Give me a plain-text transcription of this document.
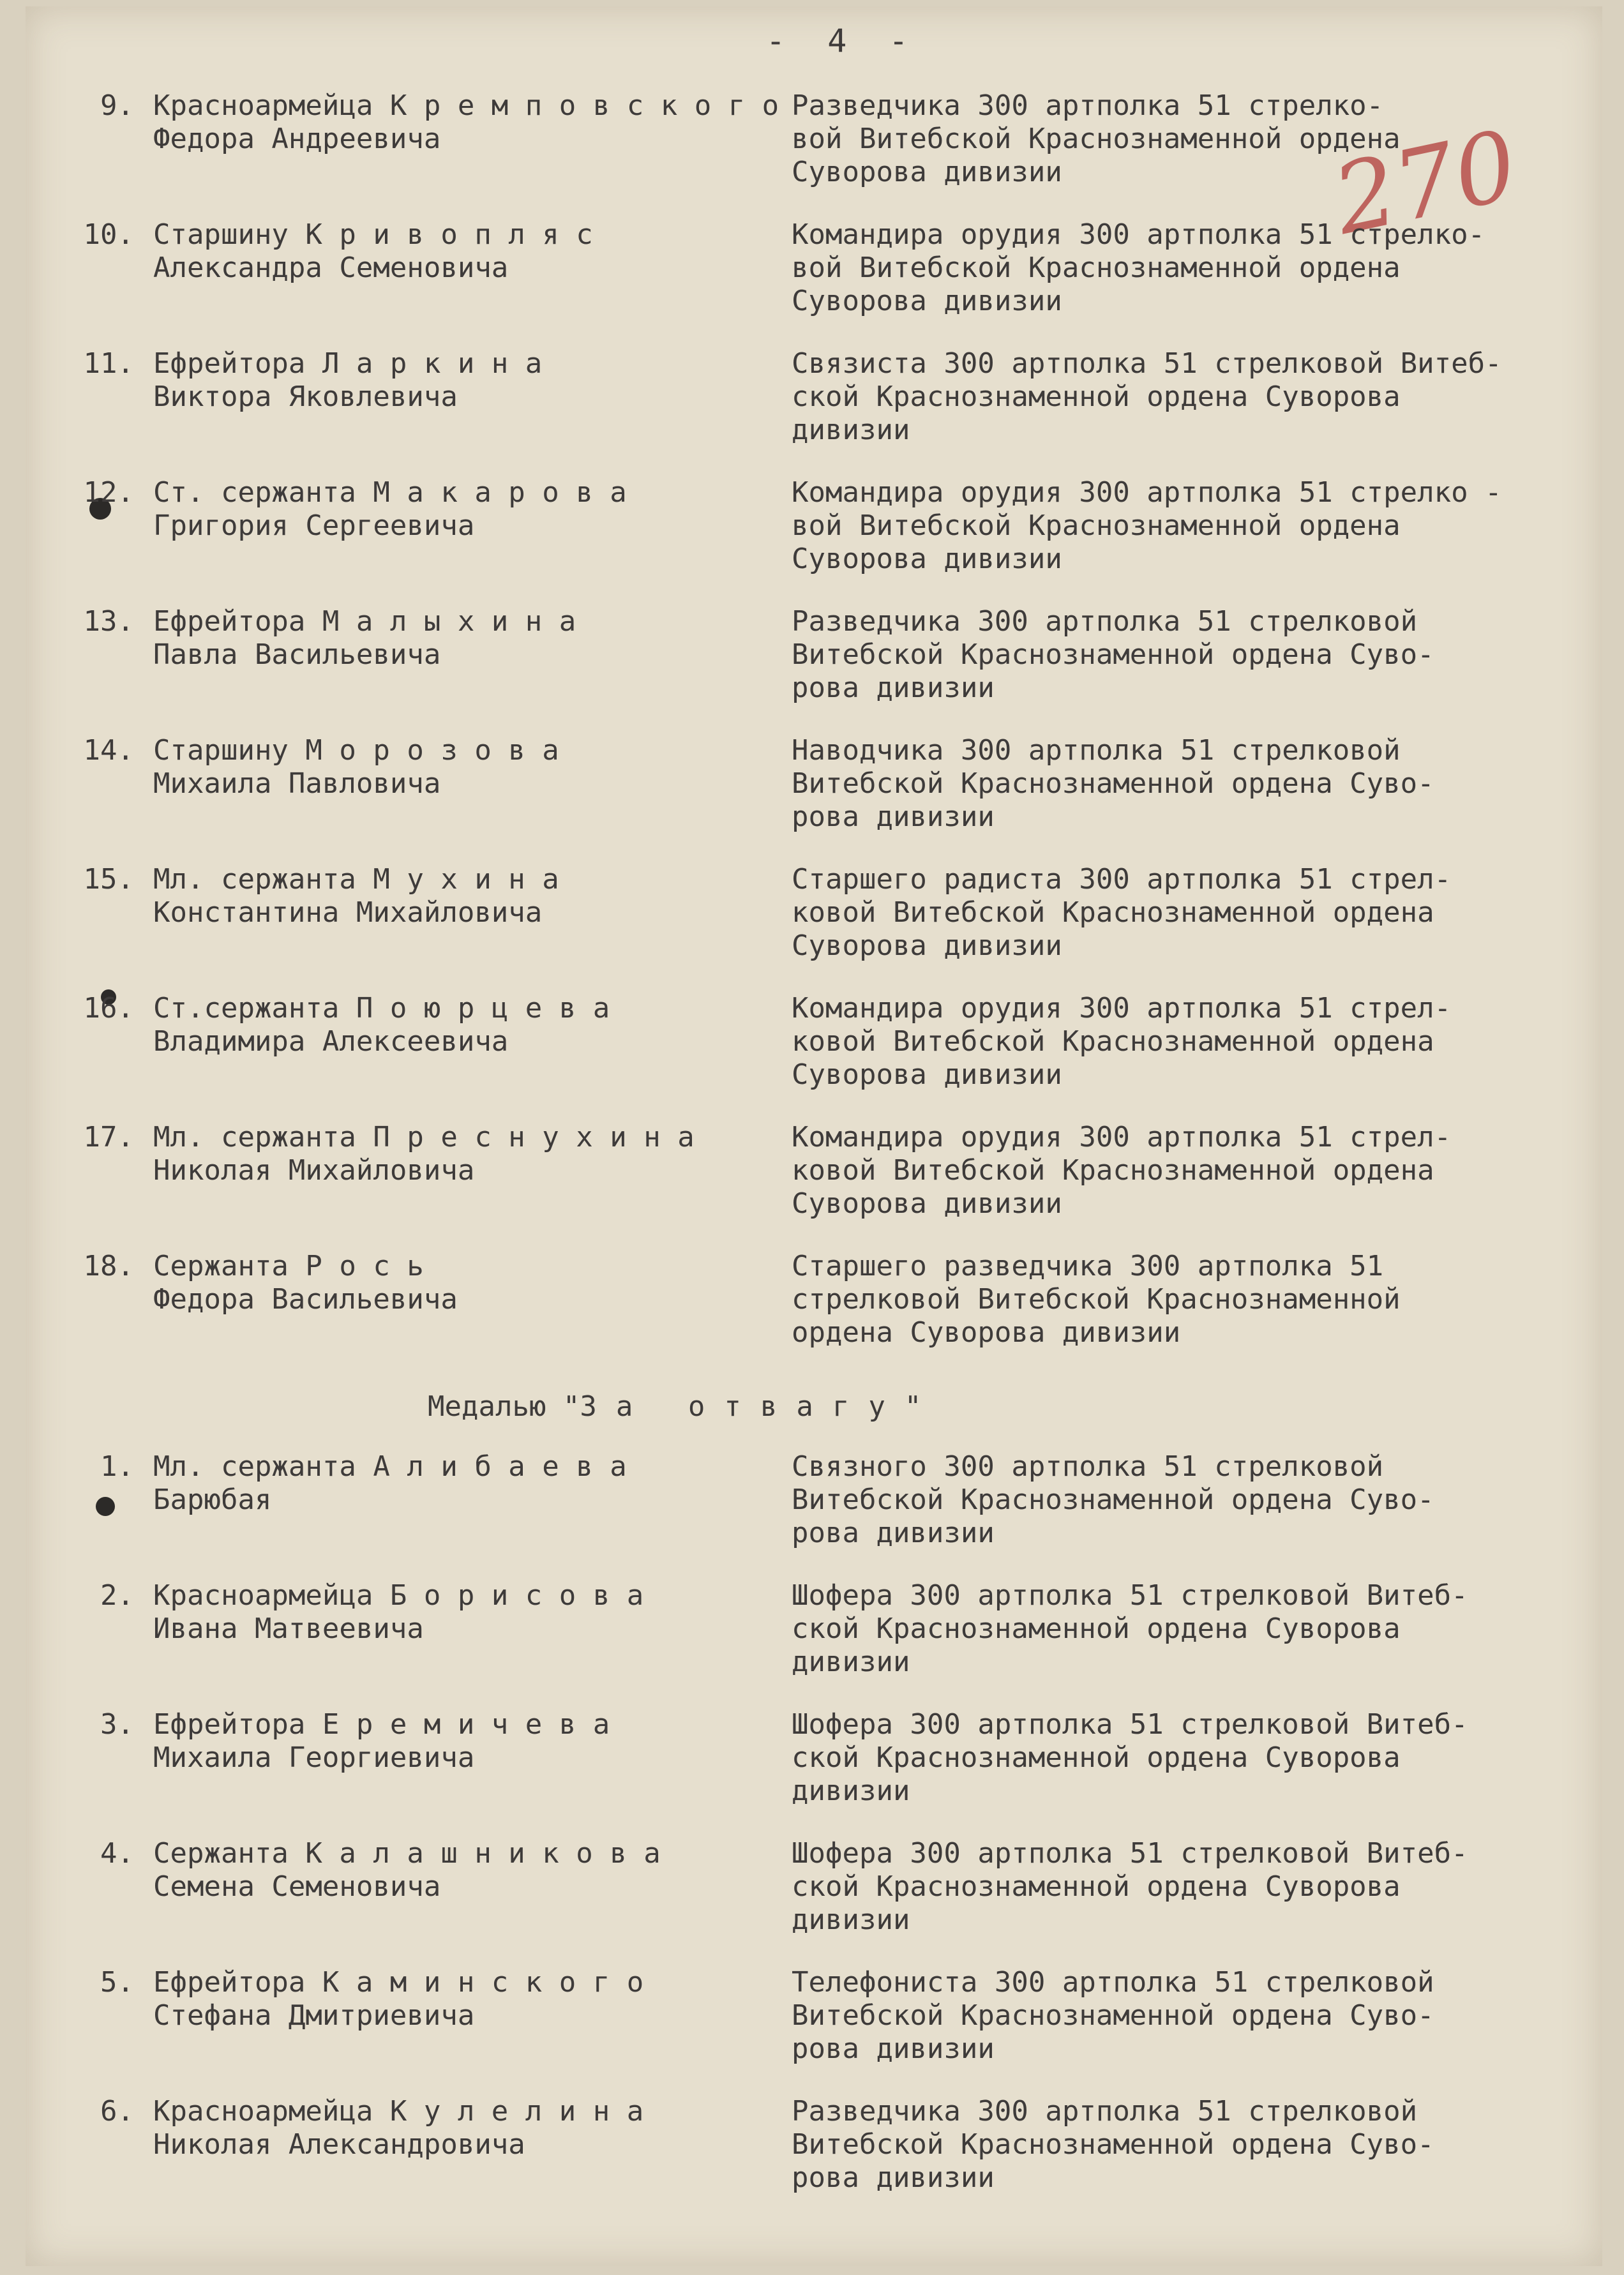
- 4 -
270
9. Красноармейца К р е м п о в с к о г о
Федора Андреевича
Разведчика 300 артполка 51 стрелко-
вой Витебской Краснознаменной ордена
Суворова дивизии
10. Старшину К р и в о п л я с
Александра Семеновича
Командира орудия 300 артполка 51 стрелко-
вой Витебской Краснознаменной ордена
Суворова дивизии
11. Ефрейтора Л а р к и н а
Виктора Яковлевича
Связиста 300 артполка 51 стрелковой Витеб-
ской Краснознаменной ордена Суворова
дивизии
12. Ст. сержанта М а к а р о в а
Григория Сергеевича
Командира орудия 300 артполка 51 стрелко -
вой Витебской Краснознаменной ордена
Суворова дивизии
13. Ефрейтора М а л ы х и н а
Павла Васильевича
Разведчика 300 артполка 51 стрелковой
Витебской Краснознаменной ордена Суво-
рова дивизии
14. Старшину М о р о з о в а
Михаила Павловича
Наводчика 300 артполка 51 стрелковой
Витебской Краснознаменной ордена Суво-
рова дивизии
15. Мл. сержанта М у х и н а
Константина Михайловича
Старшего радиста 300 артполка 51 стрел-
ковой Витебской Краснознаменной ордена
Суворова дивизии
16. Ст.сержанта П о ю р ц е в а
Владимира Алексеевича
Командира орудия 300 артполка 51 стрел-
ковой Витебской Краснознаменной ордена
Суворова дивизии
17. Мл. сержанта П р е с н у х и н а
Николая Михайловича
Командира орудия 300 артполка 51 стрел-
ковой Витебской Краснознаменной ордена
Суворова дивизии
18. Сержанта Р о с ь
Федора Васильевича
Старшего разведчика 300 артполка 51
стрелковой Витебской Краснознаменной
ордена Суворова дивизии
Медалью "За отвагу"
1. Мл. сержанта А л и б а е в а
Барюбая
Связного 300 артполка 51 стрелковой
Витебской Краснознаменной ордена Суво-
рова дивизии
2. Красноармейца Б о р и с о в а
Ивана Матвеевича
Шофера 300 артполка 51 стрелковой Витеб-
ской Краснознаменной ордена Суворова
дивизии
3. Ефрейтора Е р е м и ч е в а
Михаила Георгиевича
Шофера 300 артполка 51 стрелковой Витеб-
ской Краснознаменной ордена Суворова
дивизии
4. Сержанта К а л а ш н и к о в а
Семена Семеновича
Шофера 300 артполка 51 стрелковой Витеб-
ской Краснознаменной ордена Суворова
дивизии
5. Ефрейтора К а м и н с к о г о
Стефана Дмитриевича
Телефониста 300 артполка 51 стрелковой
Витебской Краснознаменной ордена Суво-
рова дивизии
6. Красноармейца К у л е л и н а
Николая Александровича
Разведчика 300 артполка 51 стрелковой
Витебской Краснознаменной ордена Суво-
рова дивизии
